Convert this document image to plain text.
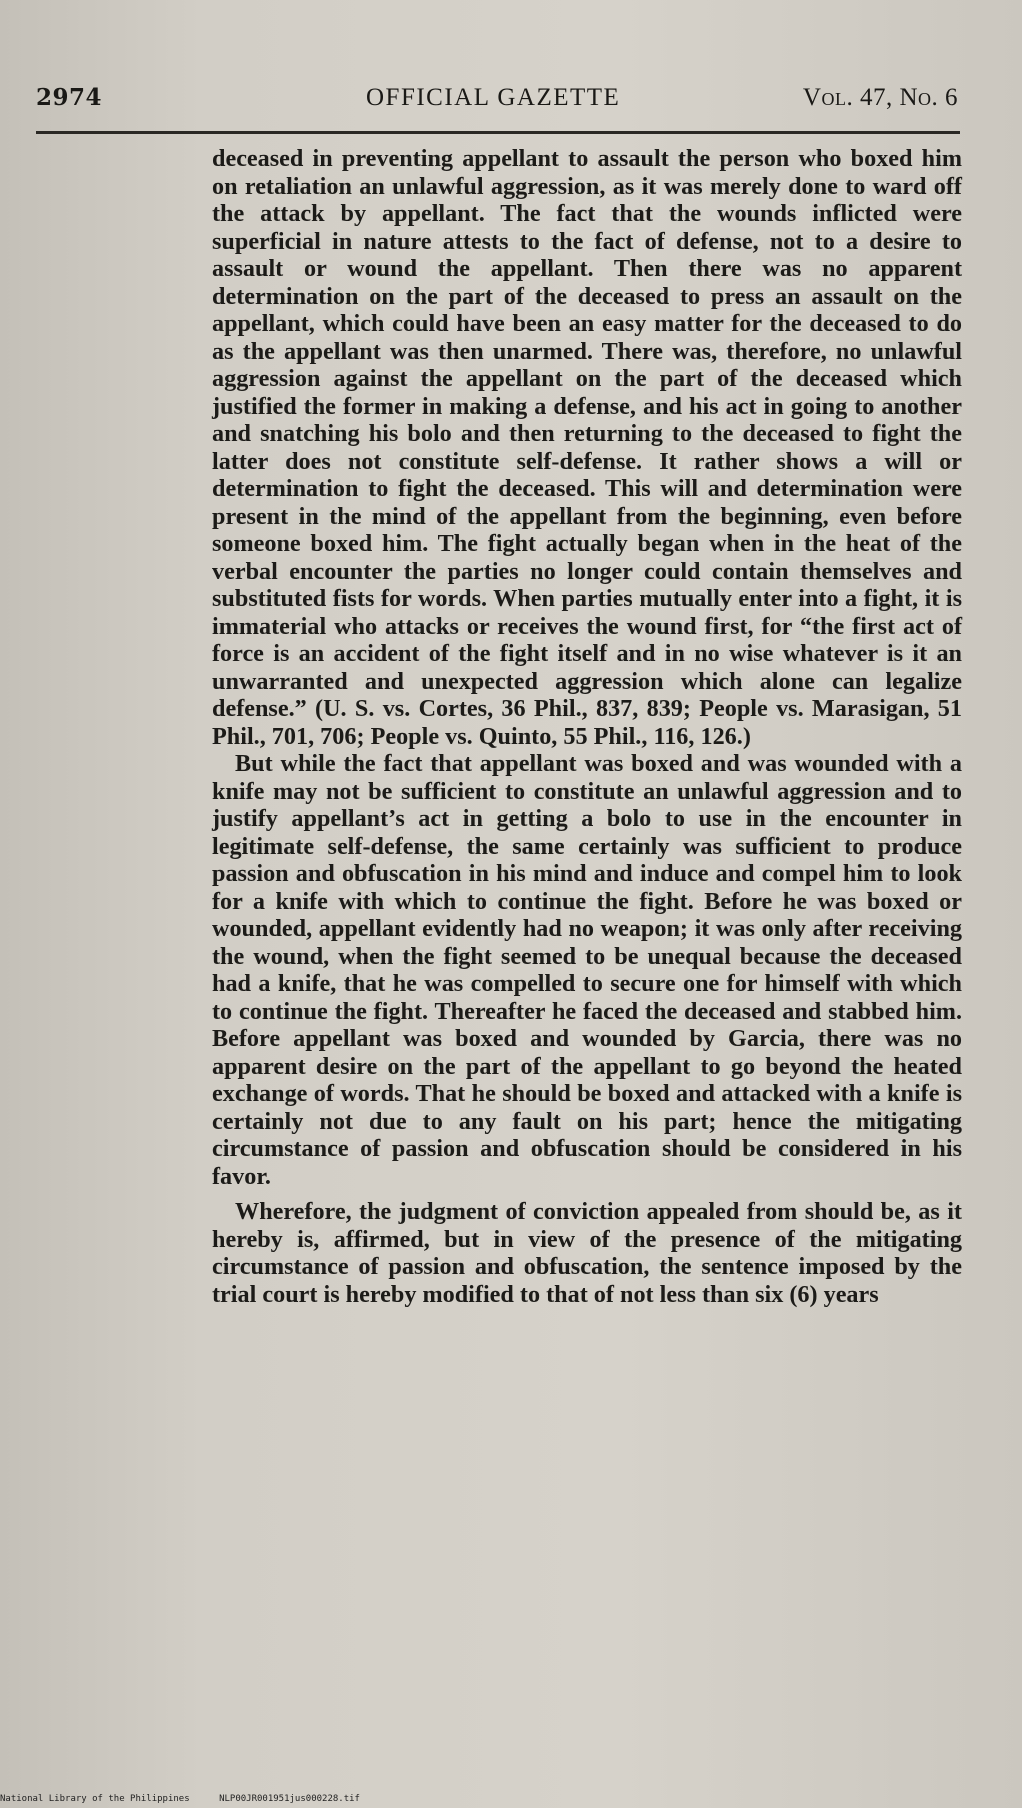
2974	OFFICIAL GAZETTE	Vol. 47, No. 6

deceased in preventing appellant to assault the person who boxed him on retaliation an unlawful aggression, as it was merely done to ward off the attack by appellant. The fact that the wounds inflicted were superficial in nature attests to the fact of defense, not to a desire to assault or wound the appellant. Then there was no apparent determination on the part of the deceased to press an assault on the appellant, which could have been an easy matter for the deceased to do as the appellant was then unarmed. There was, therefore, no unlawful aggression against the appellant on the part of the deceased which justified the former in making a defense, and his act in going to another and snatching his bolo and then returning to the deceased to fight the latter does not constitute self-defense. It rather shows a will or determination to fight the deceased. This will and determination were present in the mind of the appellant from the beginning, even before someone boxed him. The fight actually began when in the heat of the verbal encounter the parties no longer could contain themselves and substituted fists for words. When parties mutually enter into a fight, it is immaterial who attacks or receives the wound first, for “the first act of force is an accident of the fight itself and in no wise whatever is it an unwarranted and unexpected aggression which alone can legalize defense.” (U. S. vs. Cortes, 36 Phil., 837, 839; People vs. Marasigan, 51 Phil., 701, 706; People vs. Quinto, 55 Phil., 116, 126.)

But while the fact that appellant was boxed and was wounded with a knife may not be sufficient to constitute an unlawful aggression and to justify appellant’s act in getting a bolo to use in the encounter in legitimate self-defense, the same certainly was sufficient to produce passion and obfuscation in his mind and induce and compel him to look for a knife with which to continue the fight. Before he was boxed or wounded, appellant evidently had no weapon; it was only after receiving the wound, when the fight seemed to be unequal because the deceased had a knife, that he was compelled to secure one for himself with which to continue the fight. Thereafter he faced the deceased and stabbed him. Before appellant was boxed and wounded by Garcia, there was no apparent desire on the part of the appellant to go beyond the heated exchange of words. That he should be boxed and attacked with a knife is certainly not due to any fault on his part; hence the mitigating circumstance of passion and obfuscation should be considered in his favor.

Wherefore, the judgment of conviction appealed from should be, as it hereby is, affirmed, but in view of the presence of the mitigating circumstance of passion and obfuscation, the sentence imposed by the trial court is hereby modified to that of not less than six (6) years

National Library of the Philippines	NLP00JR001951jus000228.tif
